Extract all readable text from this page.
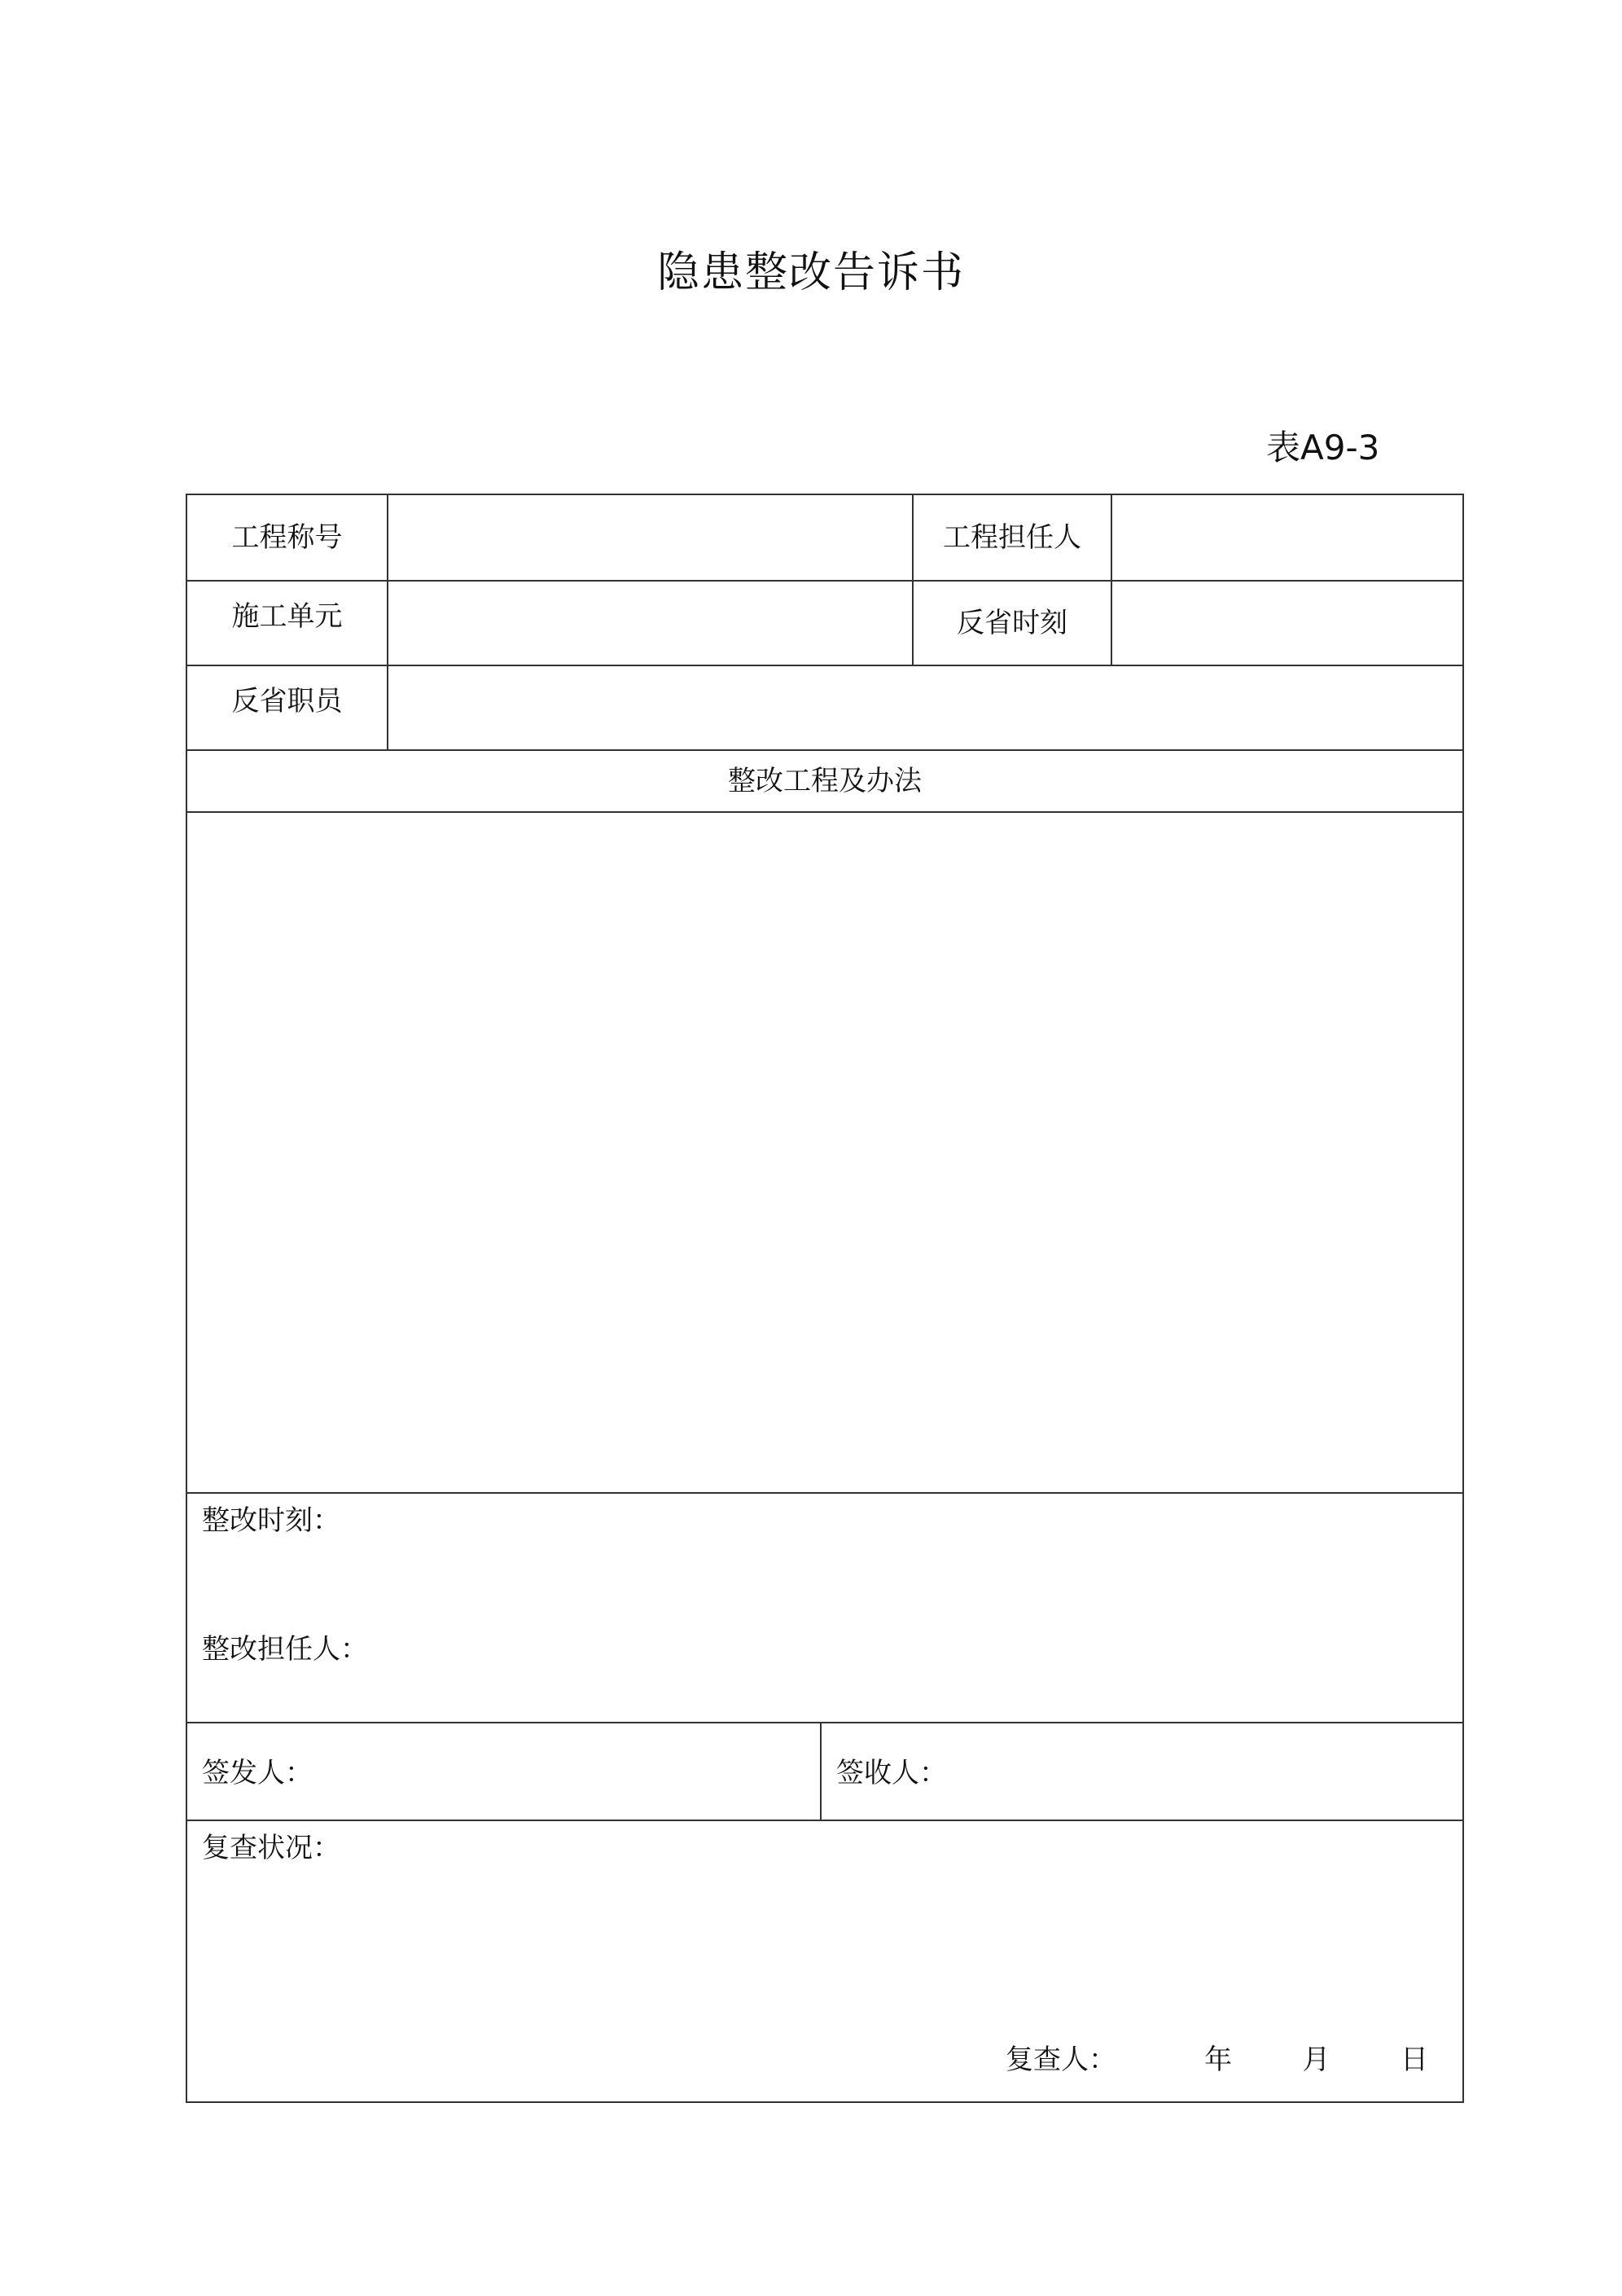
隐患整改告诉书
表A9-3
工程称号			工程担任人	
施工单元			反省时刻	
反省职员				
整改工程及办法				

整改时刻：
整改担任人：				

签发人：		签收人：		

复查状况：
复查人： 年 月 日				
